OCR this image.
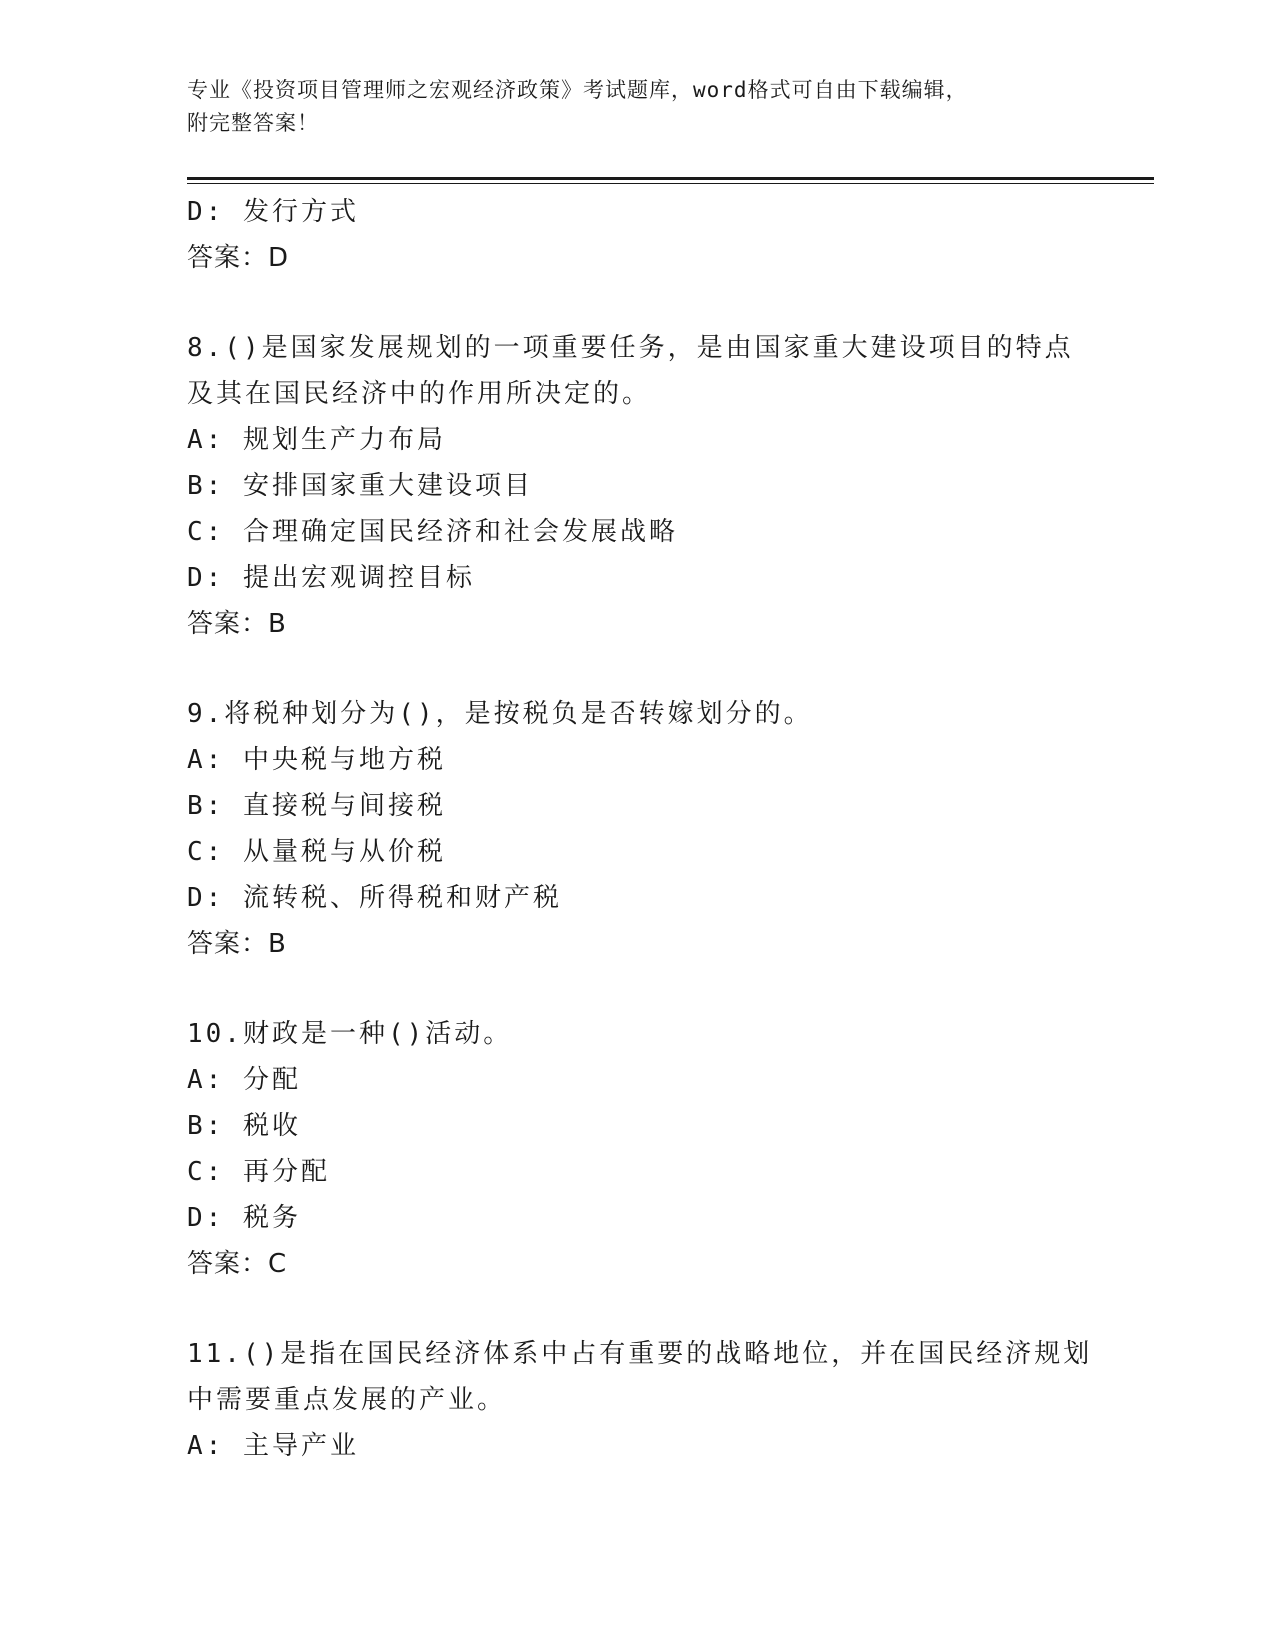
专业《投资项目管理师之宏观经济政策》考试题库，word格式可自由下载编辑，
附完整答案！
D: 发行方式
答案：D
8.()是国家发展规划的一项重要任务，是由国家重大建设项目的特点
及其在国民经济中的作用所决定的。
A: 规划生产力布局
B: 安排国家重大建设项目
C: 合理确定国民经济和社会发展战略
D: 提出宏观调控目标
答案：B
9.将税种划分为()，是按税负是否转嫁划分的。
A: 中央税与地方税
B: 直接税与间接税
C: 从量税与从价税
D: 流转税、所得税和财产税
答案：B
10.财政是一种()活动。
A: 分配
B: 税收
C: 再分配
D: 税务
答案：C
11.()是指在国民经济体系中占有重要的战略地位，并在国民经济规划
中需要重点发展的产业。
A: 主导产业
